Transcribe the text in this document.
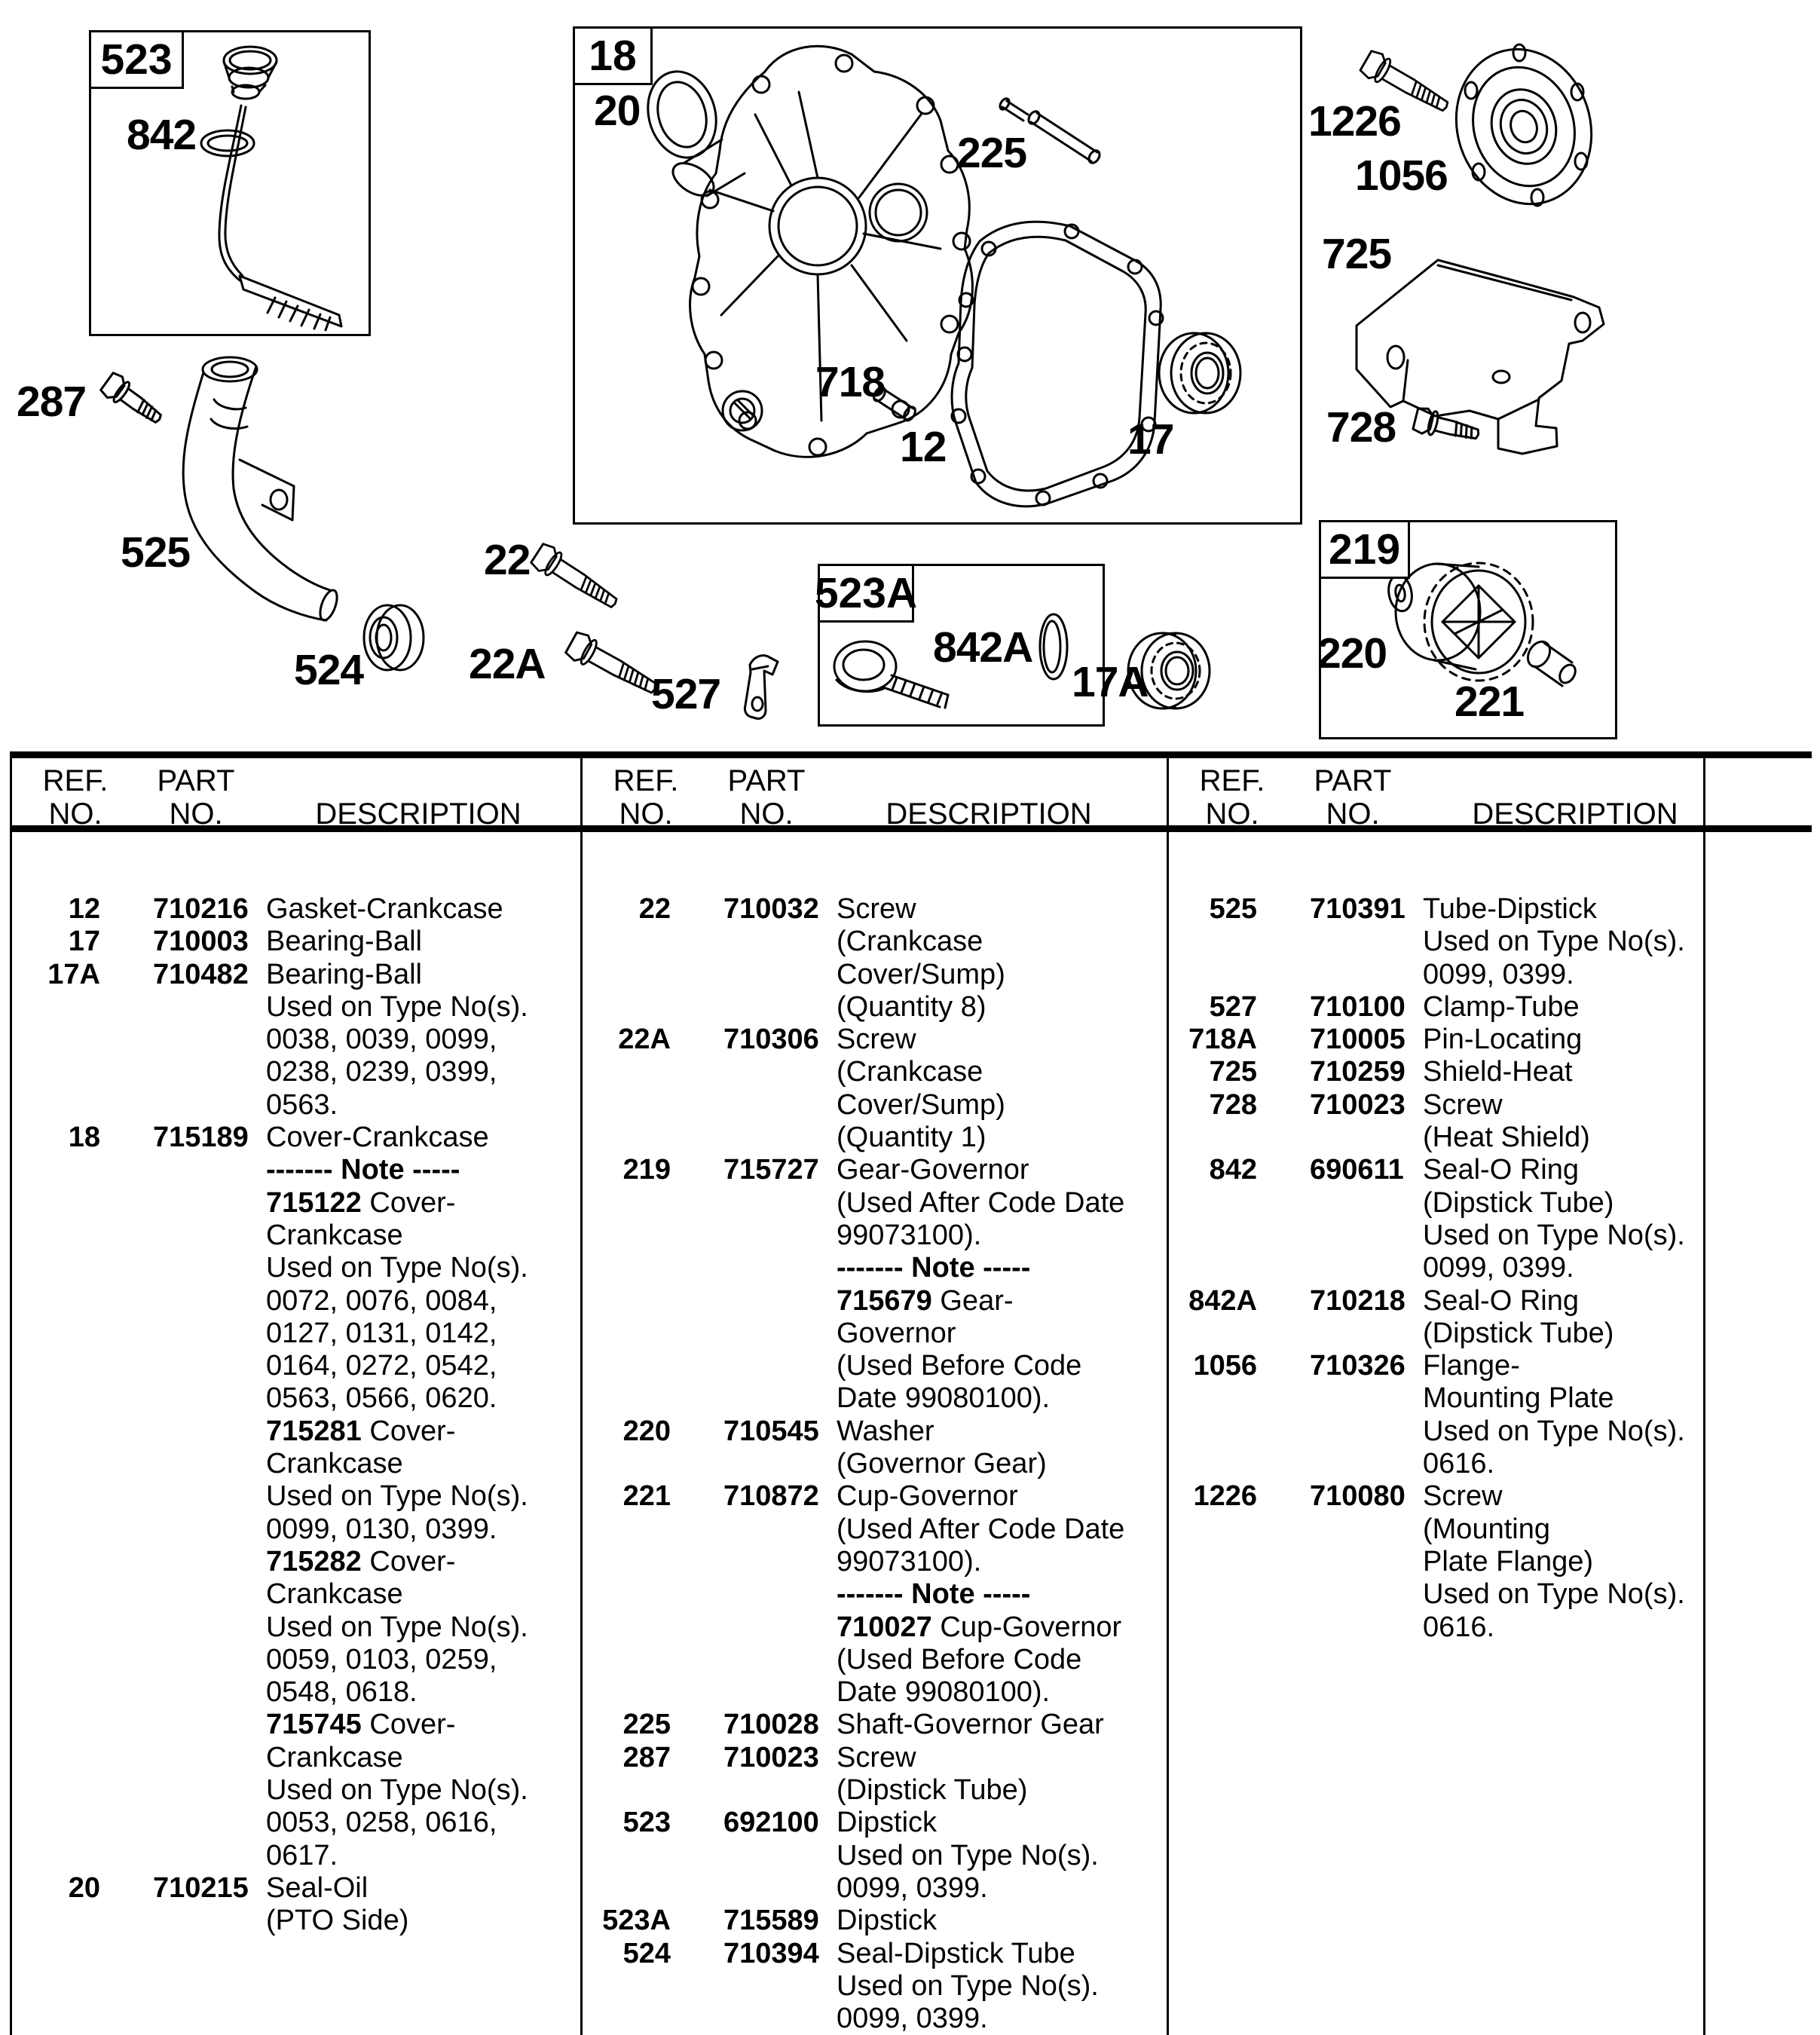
523	18
219
523A
842
287
525
524
22
22A
527
20
225
718
12	17
1226
1056
725
728
220
221
17A
842A
REF.
NO.
PART
NO.	DESCRIPTION
12 710216 Gasket-Crankcase
17 710003 Bearing-Ball
17A 710482 Bearing-Ball
Used on Type No(s).
0038, 0039, 0099,
0238, 0239, 0399,
0563.
18 715189 Cover-Crankcase
------- Note -----
715122 Cover-
Crankcase
Used on Type No(s).
0072, 0076, 0084,
0127, 0131, 0142,
0164, 0272, 0542,
0563, 0566, 0620.
715281 Cover-
Crankcase
Used on Type No(s).
0099, 0130, 0399.
715282 Cover-
Crankcase
Used on Type No(s).
0059, 0103, 0259,
0548, 0618.
715745 Cover-
Crankcase
Used on Type No(s).
0053, 0258, 0616,
0617.
20 710215 Seal-Oil
(PTO Side)
REF.
NO.
PART
NO.	DESCRIPTION
22 710032 Screw
(Crankcase
Cover/Sump)
(Quantity 8)
22A 710306 Screw
(Crankcase
Cover/Sump)
(Quantity 1)
219 715727 Gear-Governor
(Used After Code Date
99073100).
------- Note -----
715679 Gear-
Governor
(Used Before Code
Date 99080100).
220 710545 Washer
(Governor Gear)
221 710872 Cup-Governor
(Used After Code Date
99073100).
------- Note -----
710027 Cup-Governor
(Used Before Code
Date 99080100).
225 710028 Shaft-Governor Gear
287 710023 Screw
(Dipstick Tube)
523 692100 Dipstick
Used on Type No(s).
0099, 0399.
523A 715589 Dipstick
524 710394 Seal-Dipstick Tube
Used on Type No(s).
0099, 0399.
REF.
NO.
PART
NO.	DESCRIPTION
525 710391 Tube-Dipstick
Used on Type No(s).
0099, 0399.
527 710100 Clamp-Tube
718A 710005 Pin-Locating
725 710259 Shield-Heat
728 710023 Screw
(Heat Shield)
842 690611 Seal-O Ring
(Dipstick Tube)
Used on Type No(s).
0099, 0399.
842A 710218 Seal-O Ring
(Dipstick Tube)
1056 710326 Flange-
Mounting Plate
Used on Type No(s).
0616.
1226 710080 Screw
(Mounting
Plate Flange)
Used on Type No(s).
0616.
